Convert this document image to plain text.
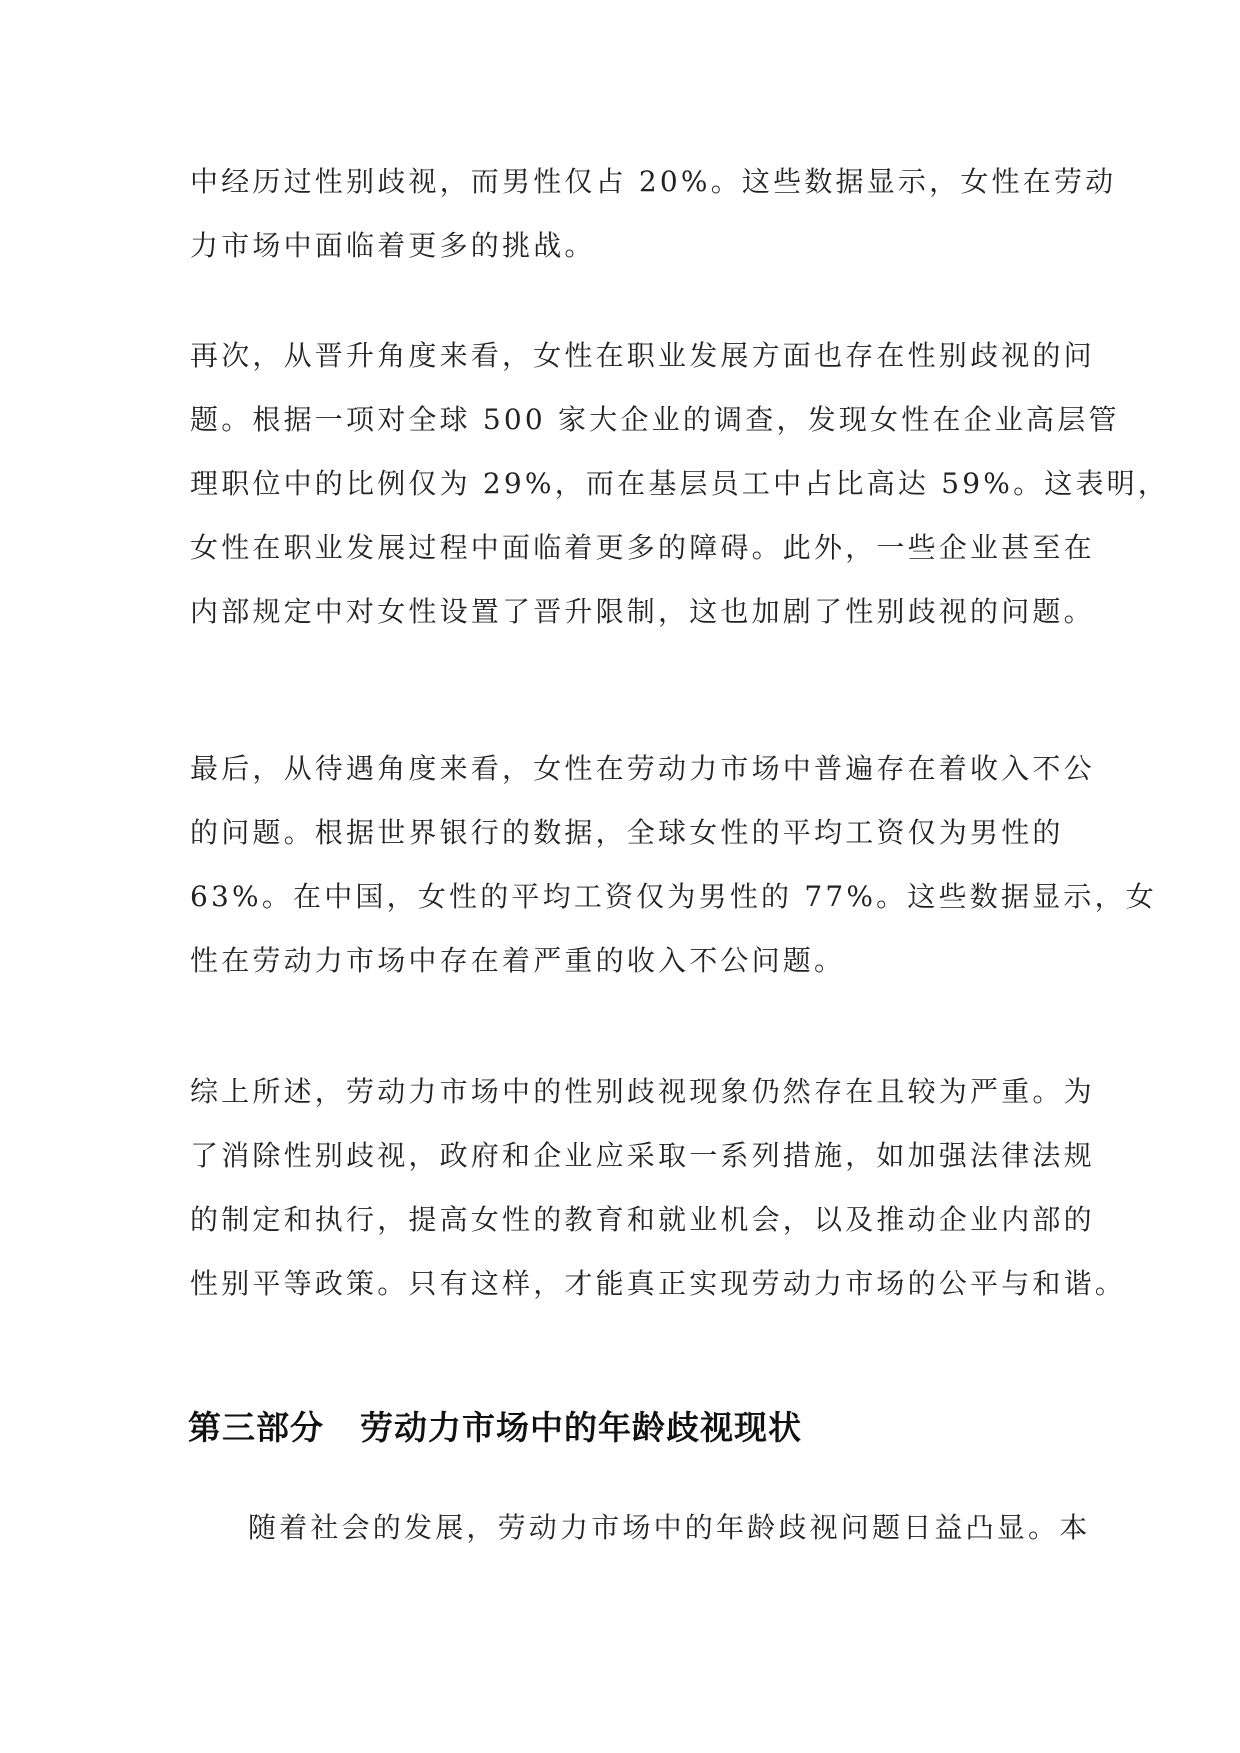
中经历过性别歧视，而男性仅占 20%。这些数据显示，女性在劳动
力市场中面临着更多的挑战。
再次，从晋升角度来看，女性在职业发展方面也存在性别歧视的问
题。根据一项对全球 500 家大企业的调查，发现女性在企业高层管
理职位中的比例仅为 29%，而在基层员工中占比高达 59%。这表明，
女性在职业发展过程中面临着更多的障碍。此外，一些企业甚至在
内部规定中对女性设置了晋升限制，这也加剧了性别歧视的问题。
最后，从待遇角度来看，女性在劳动力市场中普遍存在着收入不公
的问题。根据世界银行的数据，全球女性的平均工资仅为男性的
63%。在中国，女性的平均工资仅为男性的 77%。这些数据显示，女
性在劳动力市场中存在着严重的收入不公问题。
综上所述，劳动力市场中的性别歧视现象仍然存在且较为严重。为
了消除性别歧视，政府和企业应采取一系列措施，如加强法律法规
的制定和执行，提高女性的教育和就业机会，以及推动企业内部的
性别平等政策。只有这样，才能真正实现劳动力市场的公平与和谐。
第三部分 劳动力市场中的年龄歧视现状
随着社会的发展，劳动力市场中的年龄歧视问题日益凸显。本
